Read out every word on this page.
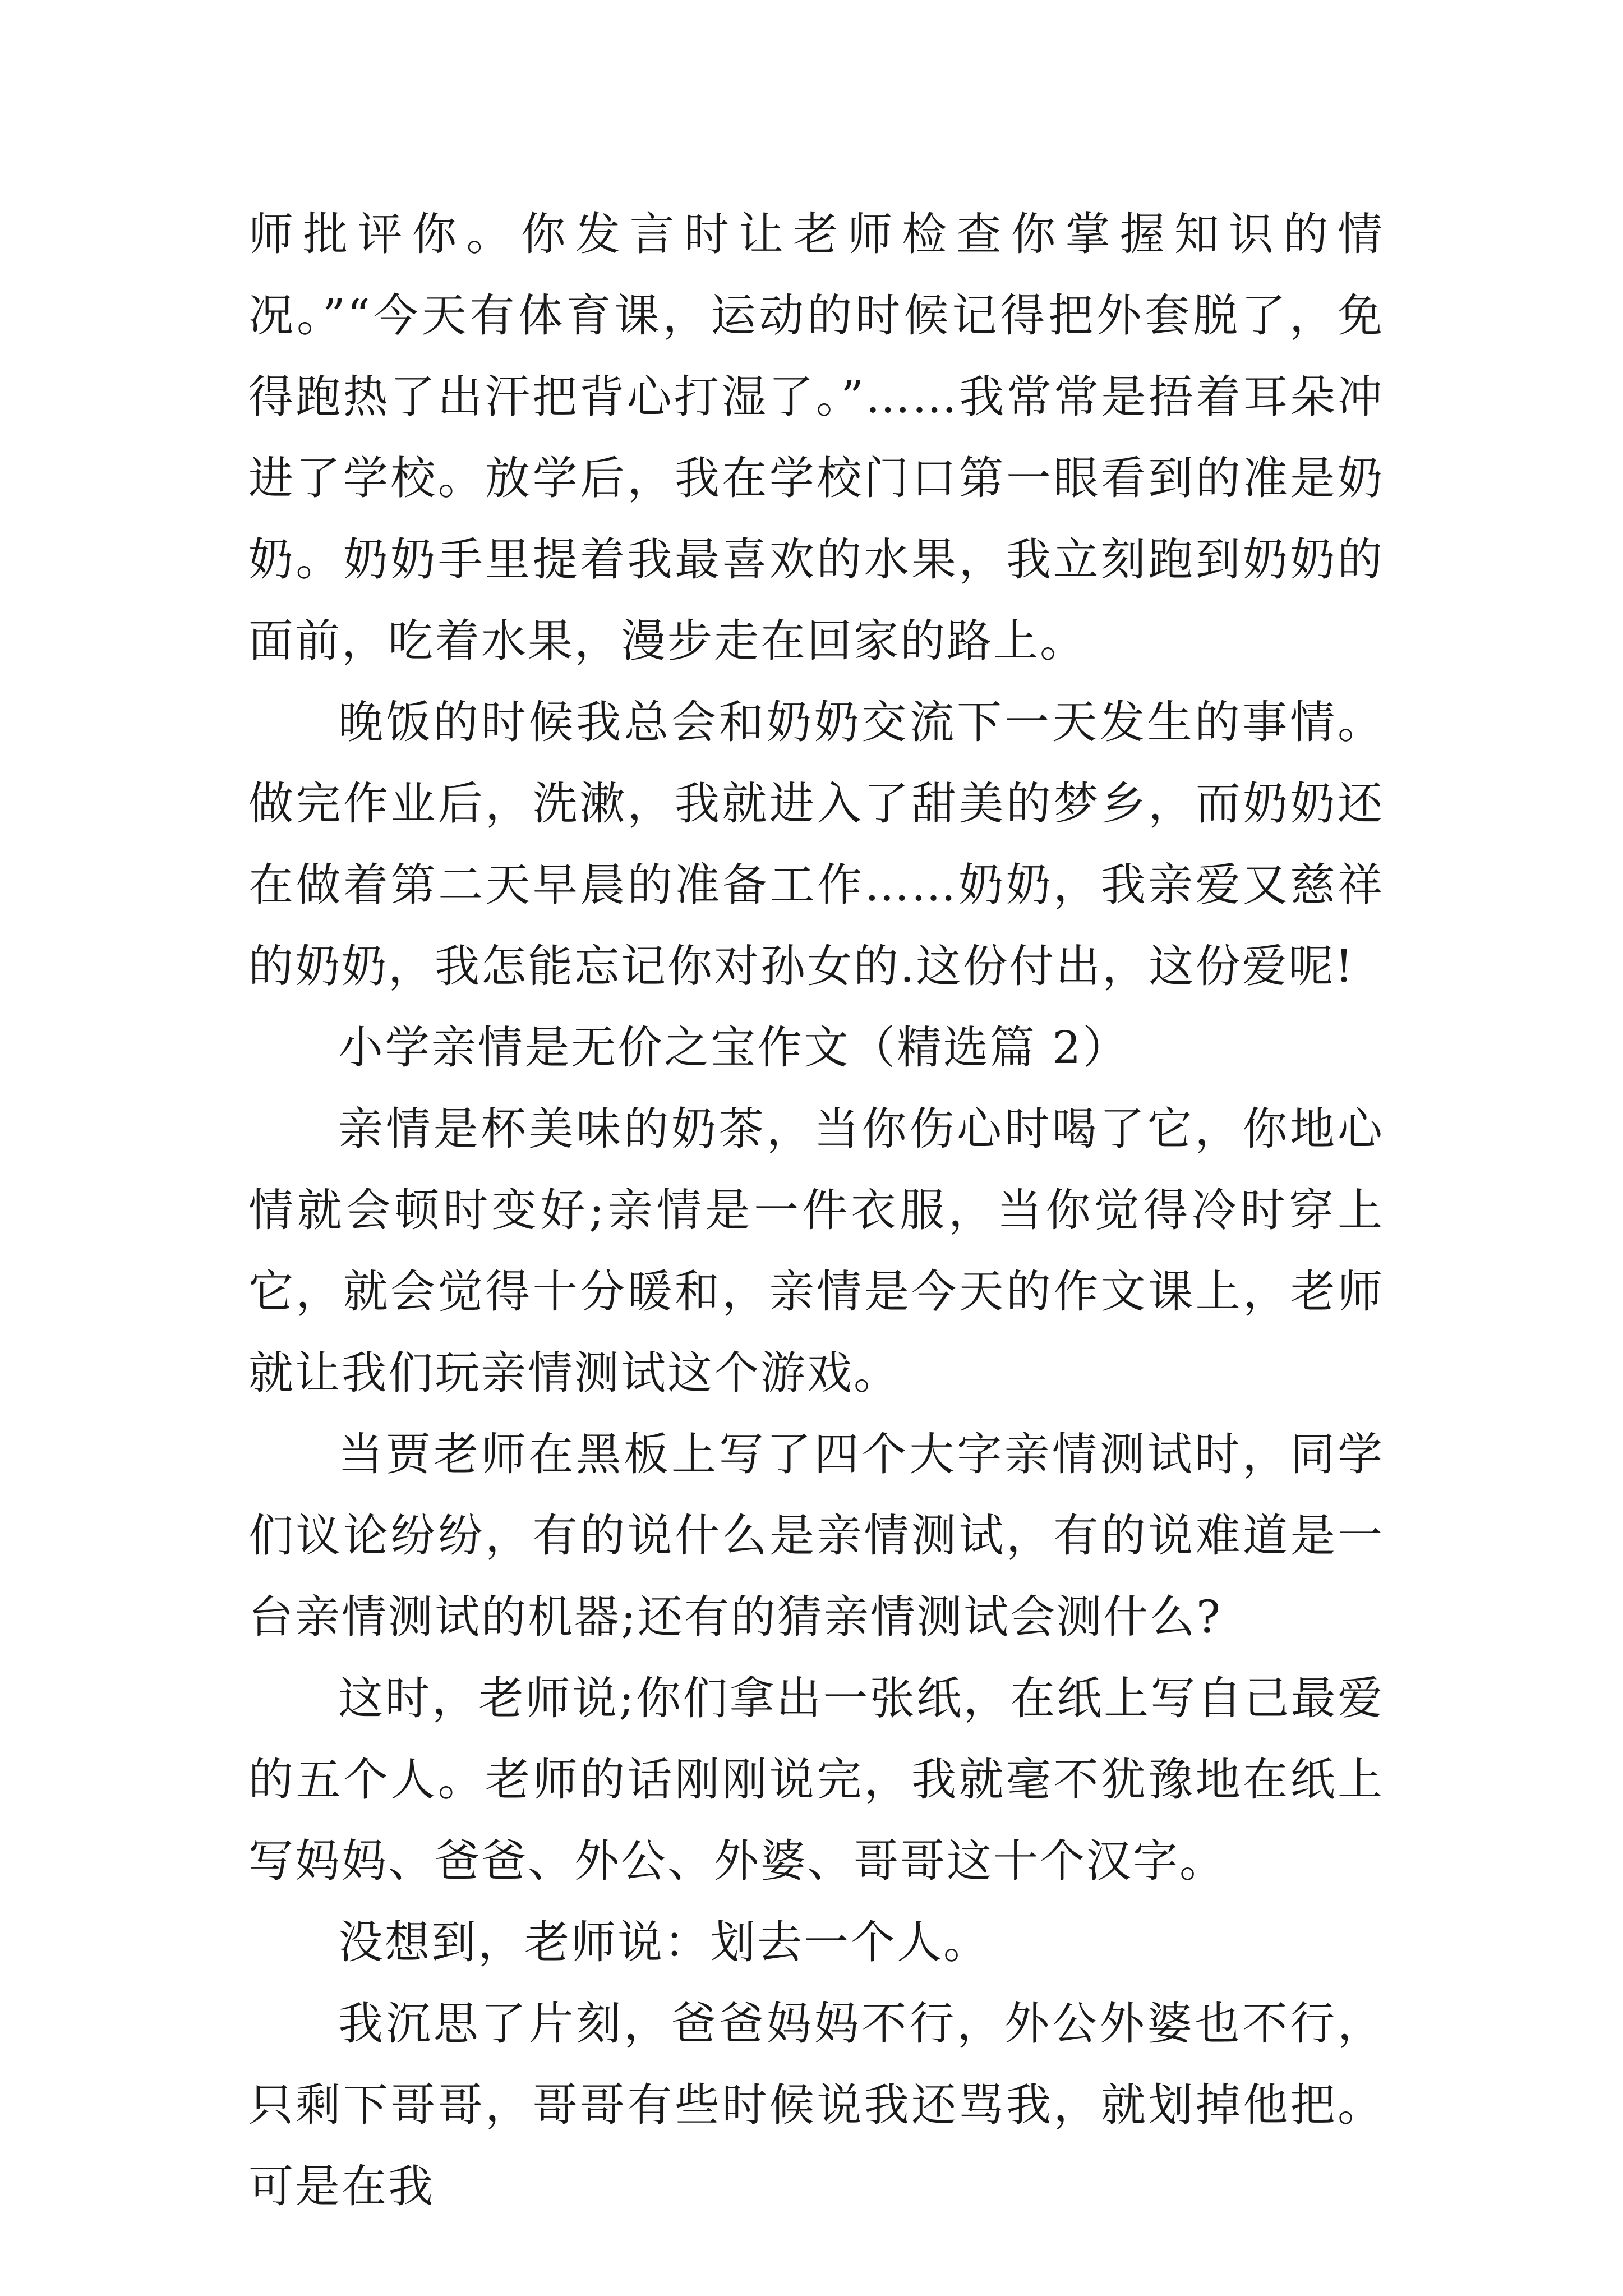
师批评你。你发言时让老师检查你掌握知识的情况。”“今天有体育课，运动的时候记得把外套脱了，免得跑热了出汗把背心打湿了。”……我常常是捂着耳朵冲进了学校。放学后，我在学校门口第一眼看到的准是奶奶。奶奶手里提着我最喜欢的水果，我立刻跑到奶奶的面前，吃着水果，漫步走在回家的路上。

晚饭的时候我总会和奶奶交流下一天发生的事情。做完作业后，洗漱，我就进入了甜美的梦乡，而奶奶还在做着第二天早晨的准备工作……奶奶，我亲爱又慈祥的奶奶，我怎能忘记你对孙女的.这份付出，这份爱呢!

小学亲情是无价之宝作文（精选篇 2）

亲情是杯美味的奶茶，当你伤心时喝了它，你地心情就会顿时变好;亲情是一件衣服，当你觉得冷时穿上它，就会觉得十分暖和，亲情是今天的作文课上，老师就让我们玩亲情测试这个游戏。

当贾老师在黑板上写了四个大字亲情测试时，同学们议论纷纷，有的说什么是亲情测试，有的说难道是一台亲情测试的机器;还有的猜亲情测试会测什么?

这时，老师说;你们拿出一张纸，在纸上写自己最爱的五个人。老师的话刚刚说完，我就毫不犹豫地在纸上写妈妈、爸爸、外公、外婆、哥哥这十个汉字。

没想到，老师说：划去一个人。

我沉思了片刻，爸爸妈妈不行，外公外婆也不行，只剩下哥哥，哥哥有些时候说我还骂我，就划掉他把。可是在我
